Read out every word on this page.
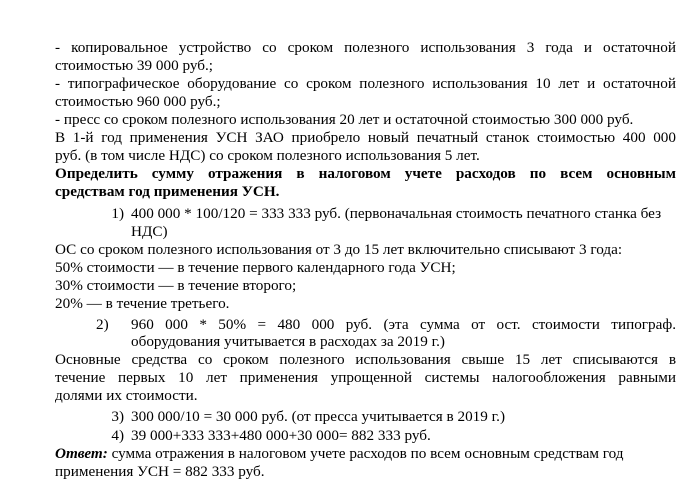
- копировальное устройство со сроком полезного использования 3 года и остаточной
стоимостью 39 000 руб.;
- типографическое оборудование со сроком полезного использования 10 лет и остаточной
стоимостью 960 000 руб.;
- пресс со сроком полезного использования 20 лет и остаточной стоимостью 300 000 руб.
В 1-й год применения УСН ЗАО приобрело новый печатный станок стоимостью 400 000
руб. (в том числе НДС) со сроком полезного использования 5 лет.
Определить сумму отражения в налоговом учете расходов по всем основным
средствам год применения УСН.
1) 400 000 * 100/120 = 333 333 руб. (первоначальная стоимость печатного станка без
НДС)
ОС со сроком полезного использования от 3 до 15 лет включительно списывают 3 года:
50% стоимости — в течение первого календарного года УСН;
30% стоимости — в течение второго;
20% — в течение третьего.
2) 960 000 * 50% = 480 000 руб. (эта сумма от ост. стоимости типограф.
оборудования учитывается в расходах за 2019 г.)
Основные средства со сроком полезного использования свыше 15 лет списываются в
течение первых 10 лет применения упрощенной системы налогообложения равными
долями их стоимости.
3) 300 000/10 = 30 000 руб. (от пресса учитывается в 2019 г.)
4) 39 000+333 333+480 000+30 000= 882 333 руб.
Ответ: сумма отражения в налоговом учете расходов по всем основным средствам год
применения УСН = 882 333 руб.
